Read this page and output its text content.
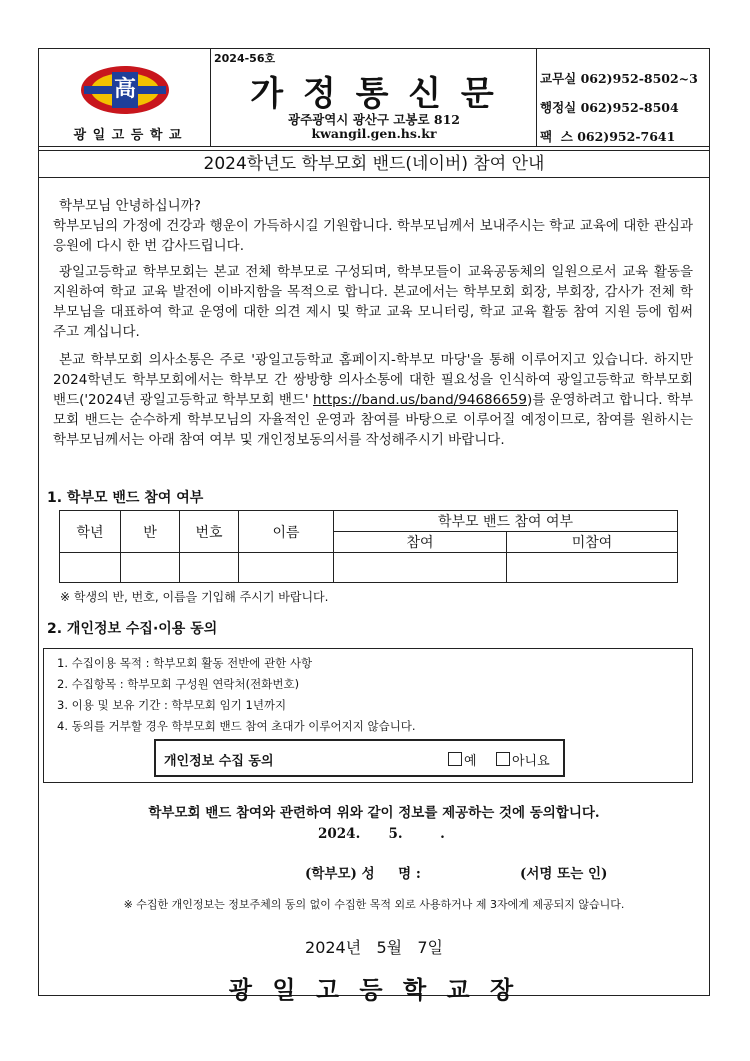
高
광 일 고 등 학 교
2024-56호
가 정 통 신 문
광주광역시 광산구 고봉로 812
kwangil.gen.hs.kr
교무실 062)952-8502~3
행정실 062)952-8504
팩  스 062)952-7641
2024학년도 학부모회 밴드(네이버) 참여 안내
학부모님 안녕하십니까?
학부모님의 가정에 건강과 행운이 가득하시길 기원합니다. 학부모님께서 보내주시는 학교 교육에 대한 관심과 응원에 다시 한 번 감사드립니다.
광일고등학교 학부모회는 본교 전체 학부모로 구성되며, 학부모들이 교육공동체의 일원으로서 교육 활동을 지원하여 학교 교육 발전에 이바지함을 목적으로 합니다. 본교에서는 학부모회 회장, 부회장, 감사가 전체 학부모님을 대표하여 학교 운영에 대한 의견 제시 및 학교 교육 모니터링, 학교 교육 활동 참여 지원 등에 힘써 주고 계십니다.
본교 학부모회 의사소통은 주로 '광일고등학교 홈페이지-학부모 마당'을 통해 이루어지고 있습니다. 하지만 2024학년도 학부모회에서는 학부모 간 쌍방향 의사소통에 대한 필요성을 인식하여 광일고등학교 학부모회 밴드('2024년 광일고등학교 학부모회 밴드' https://band.us/band/94686659)를 운영하려고 합니다. 학부모회 밴드는 순수하게 학부모님의 자율적인 운영과 참여를 바탕으로 이루어질 예정이므로, 참여를 원하시는 학부모님께서는 아래 참여 여부 및 개인정보동의서를 작성해주시기 바랍니다.
1. 학부모 밴드 참여 여부
학년	반	번호	이름	학부모 밴드 참여 여부	
				참여	미참여

※ 학생의 반, 번호, 이름을 기입해 주시기 바랍니다.
2. 개인정보 수집·이용 동의
1. 수집이용 목적 : 학부모회 활동 전반에 관한 사항
2. 수집항목 : 학부모회 구성원 연락처(전화번호)
3. 이용 및 보유 기간 : 학부모회 임기 1년까지
4. 동의를 거부할 경우 학부모회 밴드 참여 초대가 이루어지지 않습니다.
개인정보 수집 동의	예	아니요
학부모회 밴드 참여와 관련하여 위와 같이 정보를 제공하는 것에 동의합니다.
2024.      5.        .
(학부모) 성     명 :	(서명 또는 인)
※ 수집한 개인정보는 정보주체의 동의 없이 수집한 목적 외로 사용하거나 제 3자에게 제공되지 않습니다.
2024년   5월   7일
광 일 고 등 학 교 장
